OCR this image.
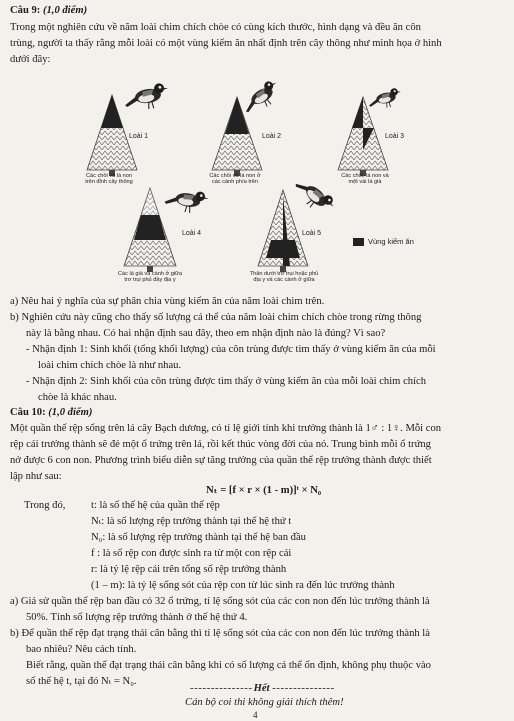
Câu 9: (1,0 điểm)
Trong một nghiên cứu về năm loài chim chích chòe có cùng kích thước, hình dạng và đều ăn côn
trùng, người ta thấy rằng mỗi loài có một vùng kiếm ăn nhất định trên cây thông như minh họa ở hình
dưới đây:
Loài 1	Loài 2	Loài 3
Loài 4	Loài 5
Vùng kiếm ăn
Các chồi và lá non
trên đỉnh cây thông
Các chồi và lá non ở
các cành phía trên
Các chồi, lá non và
một vài lá già
Các lá già và cành ở giữa
trơ trụi phủ đầy địa y
Thân dưới trơ trụi hoặc phủ
địa y và các cành ở giữa
a) Nêu hai ý nghĩa của sự phân chia vùng kiếm ăn của năm loài chim trên.
b) Nghiên cứu này cũng cho thấy số lượng cá thể của năm loài chim chích chòe trong rừng thông
này là bằng nhau. Có hai nhận định sau đây, theo em nhận định nào là đúng? Vì sao?
- Nhận định 1: Sinh khối (tổng khối lượng) của côn trùng được tìm thấy ở vùng kiếm ăn của mỗi
loài chim chích chòe là như nhau.
- Nhận định 2: Sinh khối của côn trùng được tìm thấy ở vùng kiếm ăn của mỗi loài chim chích
chòe là khác nhau.
Câu 10: (1,0 điểm)
Một quần thể rệp sống trên lá cây Bạch dương, có tỉ lệ giới tính khi trưởng thành là 1♂ : 1♀. Mỗi con
rệp cái trưởng thành sẽ đẻ một ổ trứng trên lá, rồi kết thúc vòng đời của nó. Trung bình mỗi ổ trứng
nở được 6 con non. Phương trình biểu diễn sự tăng trưởng của quần thể rệp trưởng thành được thiết
lập như sau:
Nₜ = [f × r × (1 - m)]ᵗ × N₀
Trong đó, t: là số thế hệ của quần thể rệp
Nₜ: là số lượng rệp trưởng thành tại thế hệ thứ t
N₀: là số lượng rệp trưởng thành tại thế hệ ban đầu
f : là số rệp con được sinh ra từ một con rệp cái
r: là tỷ lệ rệp cái trên tổng số rệp trưởng thành
(1 – m): là tỷ lệ sống sót của rệp con từ lúc sinh ra đến lúc trưởng thành
a) Giả sử quần thể rệp ban đầu có 32 ổ trứng, tỉ lệ sống sót của các con non đến lúc trưởng thành là
50%. Tính số lượng rệp trưởng thành ở thế hệ thứ 4.
b) Để quần thể rệp đạt trạng thái cân bằng thì tỉ lệ sống sót của các con non đến lúc trưởng thành là
bao nhiêu? Nêu cách tính.
Biết rằng, quần thể đạt trạng thái cân bằng khi có số lượng cá thể ổn định, không phụ thuộc vào
số thế hệ t, tại đó Nₜ = N₀.
- - - - - - - - - - - - - - - Hết - - - - - - - - - - - - - - -
Cán bộ coi thi không giải thích thêm!
4
